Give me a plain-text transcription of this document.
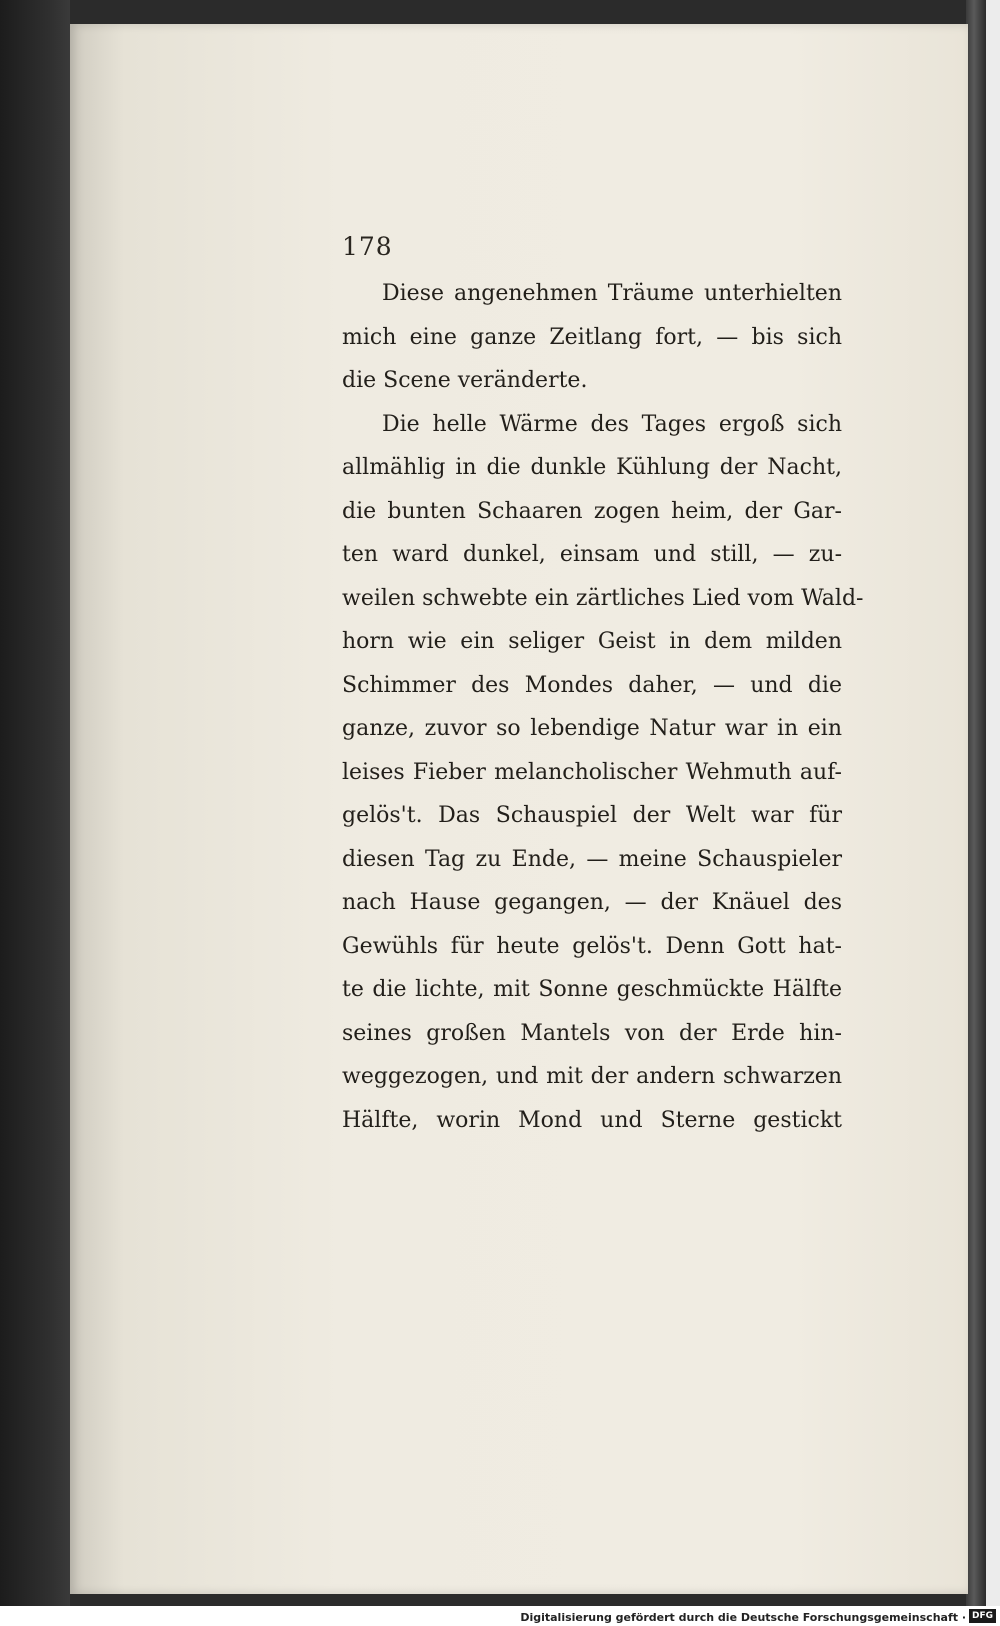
178
Diese angenehmen Träume unterhielten
mich eine ganze Zeitlang fort, — bis sich
die Scene veränderte.
Die helle Wärme des Tages ergoß sich
allmählig in die dunkle Kühlung der Nacht,
die bunten Schaaren zogen heim, der Gar-
ten ward dunkel, einsam und still, — zu-
weilen schwebte ein zärtliches Lied vom Wald-
horn wie ein seliger Geist in dem milden
Schimmer des Mondes daher, — und die
ganze, zuvor so lebendige Natur war in ein
leises Fieber melancholischer Wehmuth auf-
gelös't. Das Schauspiel der Welt war für
diesen Tag zu Ende, — meine Schauspieler
nach Hause gegangen, — der Knäuel des
Gewühls für heute gelös't. Denn Gott hat-
te die lichte, mit Sonne geschmückte Hälfte
seines großen Mantels von der Erde hin-
weggezogen, und mit der andern schwarzen
Hälfte, worin Mond und Sterne gestickt
Digitalisierung gefördert durch die Deutsche Forschungsgemeinschaft · DFG
